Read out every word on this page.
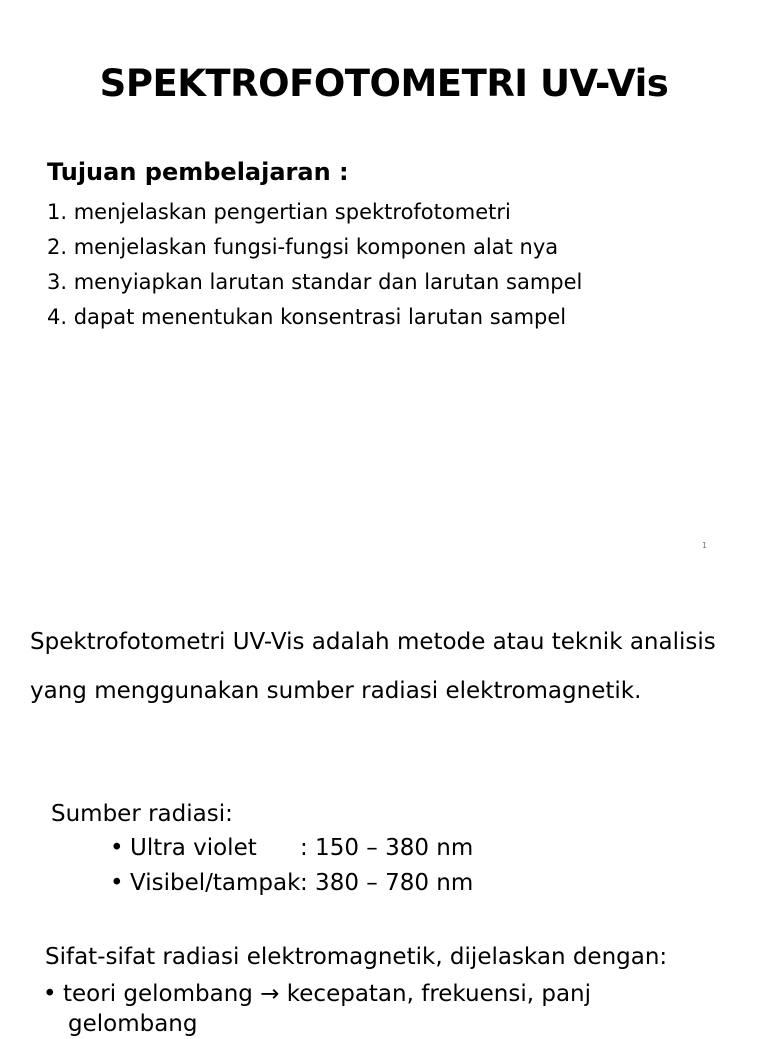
SPEKTROFOTOMETRI UV-Vis
Tujuan pembelajaran :
1. menjelaskan pengertian spektrofotometri
2. menjelaskan fungsi-fungsi komponen alat nya
3. menyiapkan larutan standar dan larutan sampel
4. dapat menentukan konsentrasi larutan sampel
1

Spektrofotometri UV-Vis adalah metode atau teknik analisis yang menggunakan sumber radiasi elektromagnetik.

Sumber radiasi:
• Ultra violet : 150 – 380 nm
• Visibel/tampak: 380 – 780 nm
Sifat-sifat radiasi elektromagnetik, dijelaskan dengan:
• teori gelombang → kecepatan, frekuensi, panj
gelombang
